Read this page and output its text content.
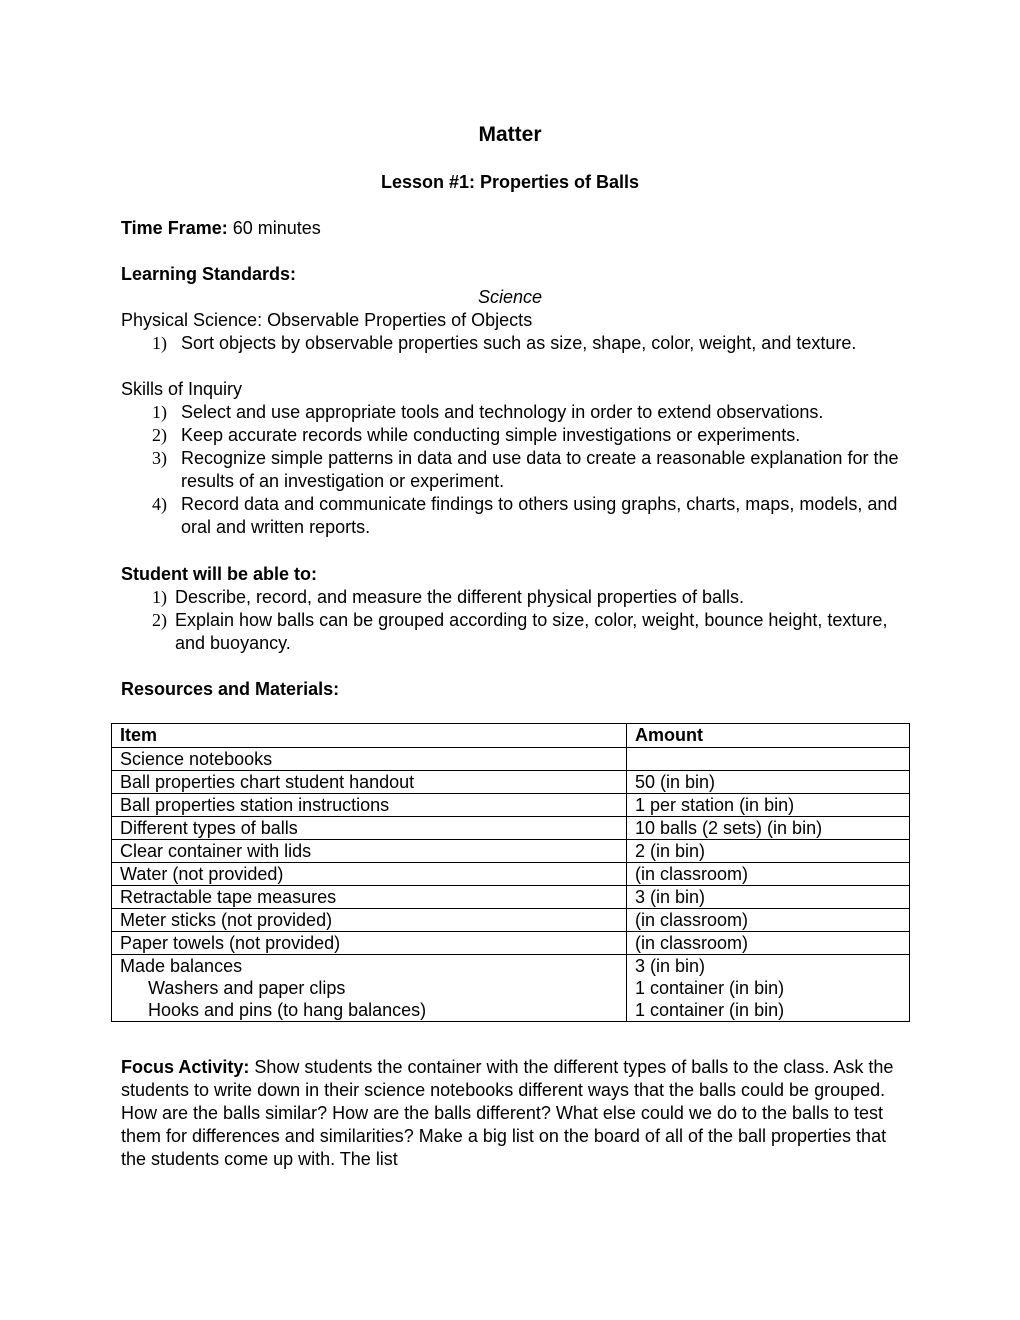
Matter
Lesson #1: Properties of Balls
Time Frame: 60 minutes
Learning Standards:
Science
Physical Science: Observable Properties of Objects
1) Sort objects by observable properties such as size, shape, color, weight, and texture.
Skills of Inquiry
1) Select and use appropriate tools and technology in order to extend observations.
2) Keep accurate records while conducting simple investigations or experiments.
3) Recognize simple patterns in data and use data to create a reasonable explanation for the results of an investigation or experiment.
4) Record data and communicate findings to others using graphs, charts, maps, models, and oral and written reports.
Student will be able to:
1) Describe, record, and measure the different physical properties of balls.
2) Explain how balls can be grouped according to size, color, weight, bounce height, texture, and buoyancy.
Resources and Materials:
Item	Amount
Science notebooks	
Ball properties chart student handout	50 (in bin)
Ball properties station instructions	1 per station (in bin)
Different types of balls	10 balls (2 sets) (in bin)
Clear container with lids	2 (in bin)
Water (not provided)	(in classroom)
Retractable tape measures	3 (in bin)
Meter sticks (not provided)	(in classroom)
Paper towels (not provided)	(in classroom)
Made balances	3 (in bin)
Washers and paper clips	1 container (in bin)
Hooks and pins (to hang balances)	1 container (in bin)
Focus Activity: Show students the container with the different types of balls to the class. Ask the students to write down in their science notebooks different ways that the balls could be grouped. How are the balls similar? How are the balls different? What else could we do to the balls to test them for differences and similarities? Make a big list on the board of all of the ball properties that the students come up with. The list
